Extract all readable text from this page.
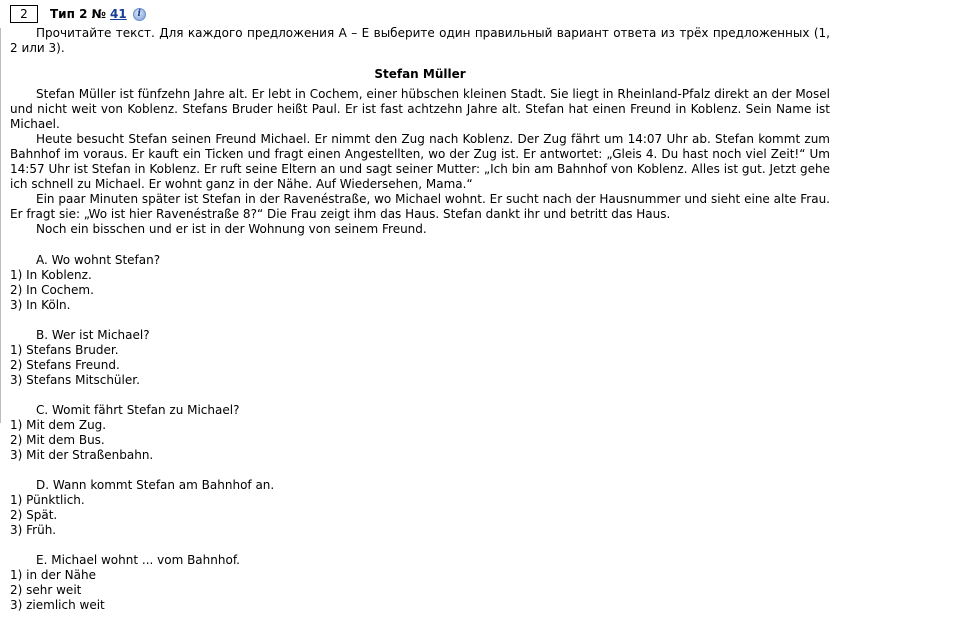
2	Тип 2 № 41	i

Прочитайте текст. Для каждого предложения А – Е выберите один правильный вариант ответа из трёх предложенных (1, 2 или 3).

Stefan Müller

Stefan Müller ist fünfzehn Jahre alt. Er lebt in Cochem, einer hübschen kleinen Stadt. Sie liegt in Rheinland-Pfalz direkt an der Mosel und nicht weit von Koblenz. Stefans Bruder heißt Paul. Er ist fast achtzehn Jahre alt. Stefan hat einen Freund in Koblenz. Sein Name ist Michael.

Heute besucht Stefan seinen Freund Michael. Er nimmt den Zug nach Koblenz. Der Zug fährt um 14:07 Uhr ab. Stefan kommt zum Bahnhof im voraus. Er kauft ein Ticken und fragt einen Angestellten, wo der Zug ist. Er antwortet: „Gleis 4. Du hast noch viel Zeit!“ Um 14:57 Uhr ist Stefan in Koblenz. Er ruft seine Eltern an und sagt seiner Mutter: „Ich bin am Bahnhof von Koblenz. Alles ist gut. Jetzt gehe ich schnell zu Michael. Er wohnt ganz in der Nähe. Auf Wiedersehen, Mama.“

Ein paar Minuten später ist Stefan in der Ravenéstraße, wo Michael wohnt. Er sucht nach der Hausnummer und sieht eine alte Frau. Er fragt sie: „Wo ist hier Ravenéstraße 8?“ Die Frau zeigt ihm das Haus. Stefan dankt ihr und betritt das Haus.

Noch ein bisschen und er ist in der Wohnung von seinem Freund.

A. Wo wohnt Stefan?

1) In Koblenz.

2) In Cochem.

3) In Köln.

B. Wer ist Michael?

1) Stefans Bruder.

2) Stefans Freund.

3) Stefans Mitschüler.

C. Womit fährt Stefan zu Michael?

1) Mit dem Zug.

2) Mit dem Bus.

3) Mit der Straßenbahn.

D. Wann kommt Stefan am Bahnhof an.

1) Pünktlich.

2) Spät.

3) Früh.

E. Michael wohnt ... vom Bahnhof.

1) in der Nähe

2) sehr weit

3) ziemlich weit
